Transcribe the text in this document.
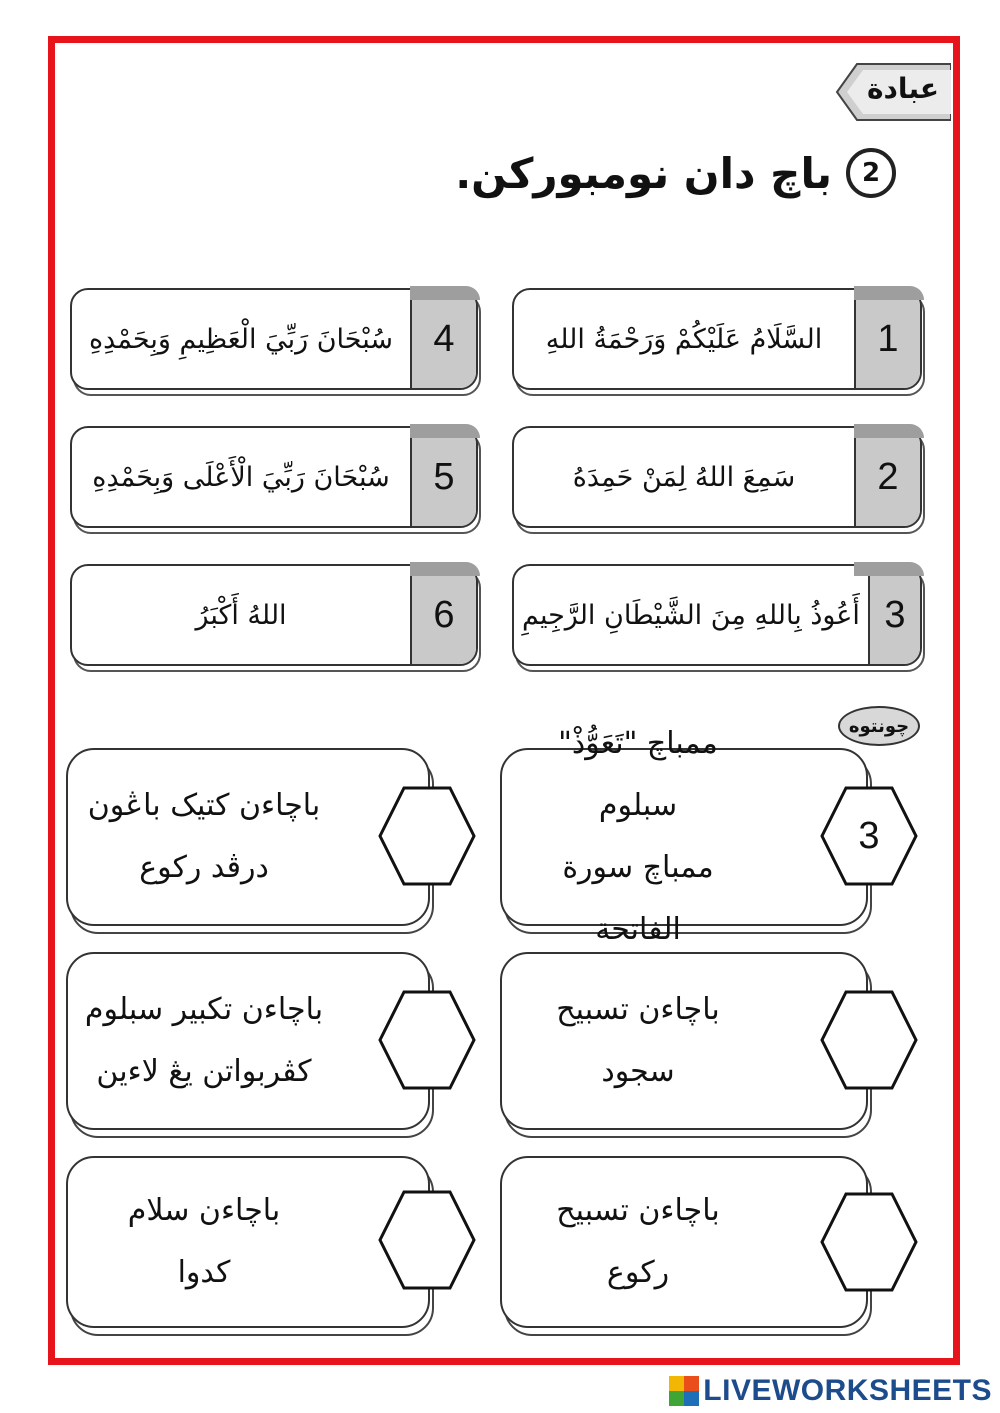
عبادة
2
باچ دان نومبوركن.
السَّلَامُ عَلَيْكُمْ وَرَحْمَةُ اللهِ	1
سَمِعَ اللهُ لِمَنْ حَمِدَهُ	2
أَعُوذُ بِاللهِ مِنَ الشَّيْطَانِ الرَّجِيمِ 3
سُبْحَانَ رَبِّيَ الْعَظِيمِ وَبِحَمْدِهِ	4
سُبْحَانَ رَبِّيَ الْأَعْلَى وَبِحَمْدِهِ	5
اللهُ أَكْبَرُ	6
چونتوه
ممباچ "تَعَوُّذْ" سبلوم
ممباچ سورة الفاتحة
3
باچاءن تسبيح
سجود
باچاءن تسبيح
ركوع
باچاءن كتيک باڠون
درڤد ركوع
باچاءن تكبير سبلوم
كڤربواتن يڠ لاءين
باچاءن سلام
كدوا
LIVEWORKSHEETS
